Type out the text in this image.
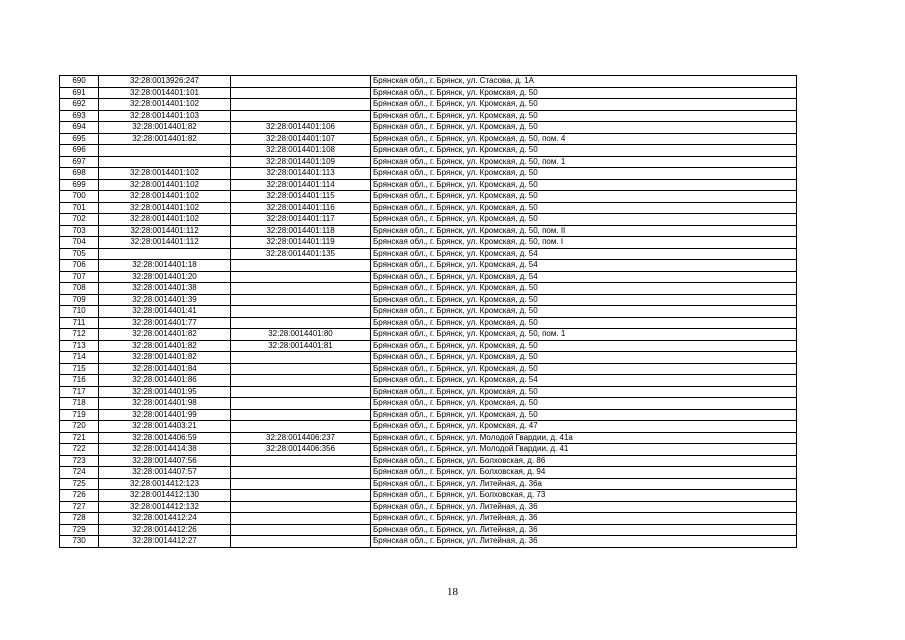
690	32:28:0013926:247		Брянская обл., г. Брянск, ул. Стасова, д. 1А
691	32:28:0014401:101		Брянская обл., г. Брянск, ул. Кромская, д. 50
692	32:28:0014401:102		Брянская обл., г. Брянск, ул. Кромская, д. 50
693	32:28:0014401:103		Брянская обл., г. Брянск, ул. Кромская, д. 50
694	32:28:0014401:82	32:28:0014401:106	Брянская обл., г. Брянск, ул. Кромская, д. 50
695	32:28:0014401:82	32:28:0014401:107	Брянская обл., г. Брянск, ул. Кромская, д. 50, пом. 4
696		32:28:0014401:108	Брянская обл., г. Брянск, ул. Кромская, д. 50
697		32:28:0014401:109	Брянская обл., г. Брянск, ул. Кромская, д. 50, пом. 1
698	32:28:0014401:102	32:28:0014401:113	Брянская обл., г. Брянск, ул. Кромская, д. 50
699	32:28:0014401:102	32:28:0014401:114	Брянская обл., г. Брянск, ул. Кромская, д. 50
700	32:28:0014401:102	32:28:0014401:115	Брянская обл., г. Брянск, ул. Кромская, д. 50
701	32:28:0014401:102	32:28:0014401:116	Брянская обл., г. Брянск, ул. Кромская, д. 50
702	32:28:0014401:102	32:28:0014401:117	Брянская обл., г. Брянск, ул. Кромская, д. 50
703	32:28:0014401:112	32:28:0014401:118	Брянская обл., г. Брянск, ул. Кромская, д. 50, пом. II
704	32:28:0014401:112	32:28:0014401:119	Брянская обл., г. Брянск, ул. Кромская, д. 50, пом. I
705		32:28:0014401:135	Брянская обл., г. Брянск, ул. Кромская, д. 54
706	32:28:0014401:18		Брянская обл., г. Брянск, ул. Кромская, д. 54
707	32:28:0014401:20		Брянская обл., г. Брянск, ул. Кромская, д. 54
708	32:28:0014401:38		Брянская обл., г. Брянск, ул. Кромская, д. 50
709	32:28:0014401:39		Брянская обл., г. Брянск, ул. Кромская, д. 50
710	32:28:0014401:41		Брянская обл., г. Брянск, ул. Кромская, д. 50
711	32:28:0014401:77		Брянская обл., г. Брянск, ул. Кромская, д. 50
712	32:28:0014401:82	32:28:0014401:80	Брянская обл., г. Брянск, ул. Кромская, д. 50, пом. 1
713	32:28:0014401:82	32:28:0014401:81	Брянская обл., г. Брянск, ул. Кромская, д. 50
714	32:28:0014401:82		Брянская обл., г. Брянск, ул. Кромская, д. 50
715	32:28:0014401:84		Брянская обл., г. Брянск, ул. Кромская, д. 50
716	32:28:0014401:86		Брянская обл., г. Брянск, ул. Кромская, д. 54
717	32:28:0014401:95		Брянская обл., г. Брянск, ул. Кромская, д. 50
718	32:28:0014401:98		Брянская обл., г. Брянск, ул. Кромская, д. 50
719	32:28:0014401:99		Брянская обл., г. Брянск, ул. Кромская, д. 50
720	32:28:0014403:21		Брянская обл., г. Брянск, ул. Кромская, д. 47
721	32:28:0014406:59	32:28:0014406:237	Брянская обл., г. Брянск, ул. Молодой Гвардии, д. 41а
722	32:28:0014414:38	32:28:0014406:356	Брянская обл., г. Брянск, ул. Молодой Гвардии, д. 41
723	32:28:0014407:56		Брянская обл., г. Брянск, ул. Болховская, д. 86
724	32:28:0014407:57		Брянская обл., г. Брянск, ул. Болховская, д. 94
725	32:28:0014412:123		Брянская обл., г. Брянск, ул. Литейная, д. 36а
726	32:28:0014412:130		Брянская обл., г. Брянск, ул. Болховская, д. 73
727	32:28:0014412:132		Брянская обл., г. Брянск, ул. Литейная, д. 36
728	32:28:0014412:24		Брянская обл., г. Брянск, ул. Литейная, д. 36
729	32:28:0014412:26		Брянская обл., г. Брянск, ул. Литейная, д. 36
730	32:28:0014412:27		Брянская обл., г. Брянск, ул. Литейная, д. 36
18
